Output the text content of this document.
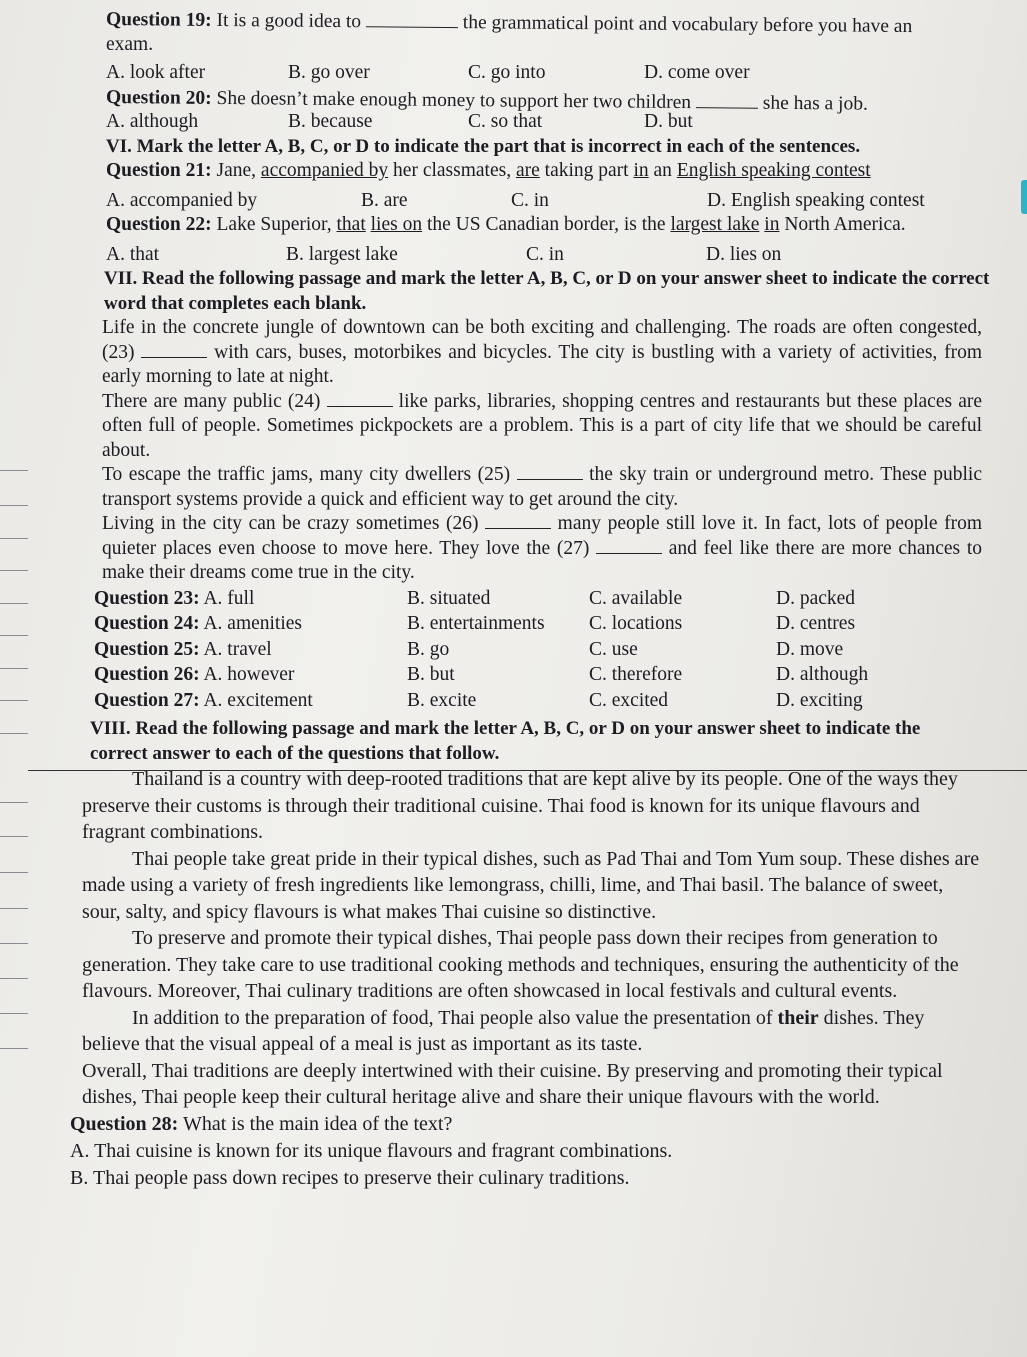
Question 19: It is a good idea to	the grammatical point and vocabulary before you have an
exam.
A. look after	B. go over	C. go into	D. come over
Question 20: She doesn’t make enough money to support her two children	she has a job.
A. although	B. because	C. so that	D. but
VI. Mark the letter A, B, C, or D to indicate the part that is incorrect in each of the sentences.
Question 21: Jane, accompanied by her classmates, are taking part in an English speaking contest
A. accompanied by	B. are	C. in	D. English speaking contest
Question 22: Lake Superior, that lies on the US Canadian border, is the largest lake in North America.
A. that	B. largest lake	C. in	D. lies on
VII. Read the following passage and mark the letter A, B, C, or D on your answer sheet to indicate the correct word that completes each blank.
Life in the concrete jungle of downtown can be both exciting and challenging. The roads are often congested, (23)	with cars, buses, motorbikes and bicycles. The city is bustling with a variety of activities, from early morning to late at night.
There are many public (24)	like parks, libraries, shopping centres and restaurants but these places are often full of people. Sometimes pickpockets are a problem. This is a part of city life that we should be careful about.
To escape the traffic jams, many city dwellers (25)	the sky train or underground metro. These public transport systems provide a quick and efficient way to get around the city.
Living in the city can be crazy sometimes (26)	many people still love it. In fact, lots of people from quieter places even choose to move here. They love the (27)	and feel like there are more chances to make their dreams come true in the city.
Question 23: A. full	B. situated	C. available	D. packed
Question 24: A. amenities	B. entertainments	C. locations	D. centres
Question 25: A. travel	B. go	C. use	D. move
Question 26: A. however	B. but	C. therefore	D. although
Question 27: A. excitement	B. excite	C. excited	D. exciting
VIII. Read the following passage and mark the letter A, B, C, or D on your answer sheet to indicate the correct answer to each of the questions that follow.
Thailand is a country with deep-rooted traditions that are kept alive by its people. One of the ways they preserve their customs is through their traditional cuisine. Thai food is known for its unique flavours and fragrant combinations.
Thai people take great pride in their typical dishes, such as Pad Thai and Tom Yum soup. These dishes are made using a variety of fresh ingredients like lemongrass, chilli, lime, and Thai basil. The balance of sweet, sour, salty, and spicy flavours is what makes Thai cuisine so distinctive.
To preserve and promote their typical dishes, Thai people pass down their recipes from generation to generation. They take care to use traditional cooking methods and techniques, ensuring the authenticity of the flavours. Moreover, Thai culinary traditions are often showcased in local festivals and cultural events.
In addition to the preparation of food, Thai people also value the presentation of their dishes. They believe that the visual appeal of a meal is just as important as its taste.
Overall, Thai traditions are deeply intertwined with their cuisine. By preserving and promoting their typical dishes, Thai people keep their cultural heritage alive and share their unique flavours with the world.
Question 28: What is the main idea of the text?
A. Thai cuisine is known for its unique flavours and fragrant combinations.
B. Thai people pass down recipes to preserve their culinary traditions.
